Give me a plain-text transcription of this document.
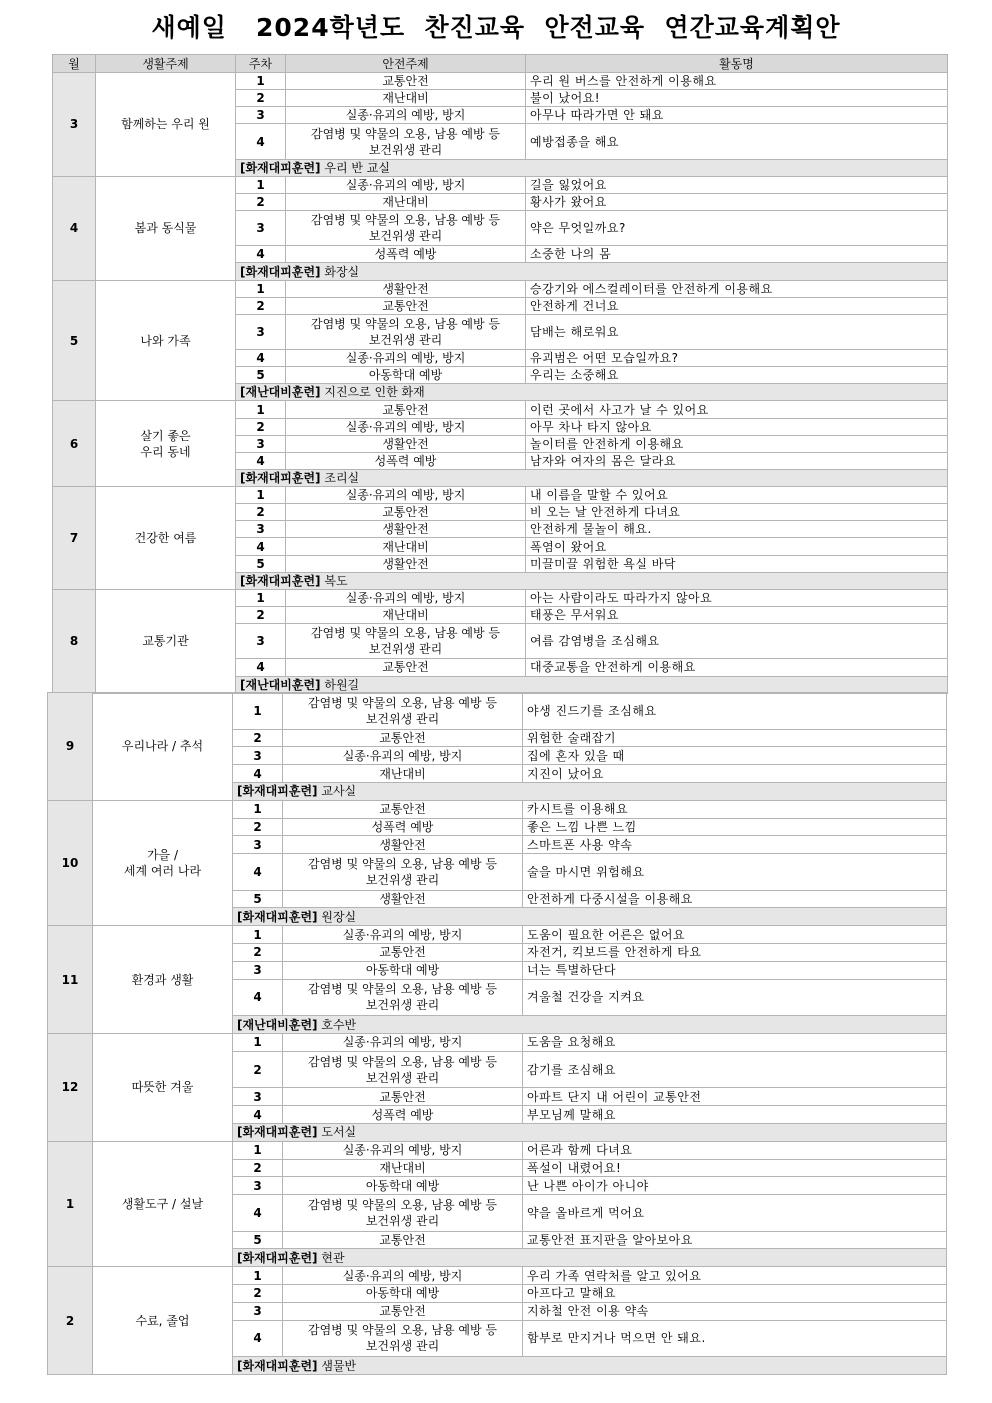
새예일   2024학년도  찬진교육  안전교육  연간교육계획안
월	생활주제	주차	안전주제	활동명
3	함께하는 우리 원	1	교통안전	우리 원 버스를 안전하게 이용해요
		2	재난대비	불이 났어요!
		3	실종·유괴의 예방, 방지	아무나 따라가면 안 돼요
		4	감염병 및 약물의 오용, 남용 예방 등
보건위생 관리	예방접종을 해요
		[화재대피훈련] 우리 반 교실		
4	봄과 동식물	1	실종·유괴의 예방, 방지	길을 잃었어요
		2	재난대비	황사가 왔어요
		3	감염병 및 약물의 오용, 남용 예방 등
보건위생 관리	약은 무엇일까요?
		4	성폭력 예방	소중한 나의 몸
		[화재대피훈련] 화장실		
5	나와 가족	1	생활안전	승강기와 에스컬레이터를 안전하게 이용해요
		2	교통안전	안전하게 건너요
		3	감염병 및 약물의 오용, 남용 예방 등
보건위생 관리	담배는 해로워요
		4	실종·유괴의 예방, 방지	유괴범은 어떤 모습일까요?
		5	아동학대 예방	우리는 소중해요
		[재난대비훈련] 지진으로 인한 화재		
6	살기 좋은
우리 동네	1	교통안전	이런 곳에서 사고가 날 수 있어요
		2	실종·유괴의 예방, 방지	아무 차나 타지 않아요
		3	생활안전	놀이터를 안전하게 이용해요
		4	성폭력 예방	남자와 여자의 몸은 달라요
		[화재대피훈련] 조리실		
7	건강한 여름	1	실종·유괴의 예방, 방지	내 이름을 말할 수 있어요
		2	교통안전	비 오는 날 안전하게 다녀요
		3	생활안전	안전하게 물놀이 해요.
		4	재난대비	폭염이 왔어요
		5	생활안전	미끌미끌 위험한 욕실 바닥
		[화재대피훈련] 복도		
8	교통기관	1	실종·유괴의 예방, 방지	아는 사람이라도 따라가지 않아요
		2	재난대비	태풍은 무서워요
		3	감염병 및 약물의 오용, 남용 예방 등
보건위생 관리	여름 감염병을 조심해요
		4	교통안전	대중교통을 안전하게 이용해요
		[재난대비훈련] 하원길		
9	우리나라 / 추석	1	감염병 및 약물의 오용, 남용 예방 등
보건위생 관리	야생 진드기를 조심해요
		2	교통안전	위험한 술래잡기
		3	실종·유괴의 예방, 방지	집에 혼자 있을 때
		4	재난대비	지진이 났어요
		[화재대피훈련] 교사실		
10	가을 /
세계 여러 나라	1	교통안전	카시트를 이용해요
		2	성폭력 예방	좋은 느낌 나쁜 느낌
		3	생활안전	스마트폰 사용 약속
		4	감염병 및 약물의 오용, 남용 예방 등
보건위생 관리	술을 마시면 위험해요
		5	생활안전	안전하게 다중시설을 이용해요
		[화재대피훈련] 원장실		
11	환경과 생활	1	실종·유괴의 예방, 방지	도움이 필요한 어른은 없어요
		2	교통안전	자전거, 킥보드를 안전하게 타요
		3	아동학대 예방	너는 특별하단다
		4	감염병 및 약물의 오용, 남용 예방 등
보건위생 관리	겨울철 건강을 지켜요
		[재난대비훈련] 호수반		
12	따뜻한 겨울	1	실종·유괴의 예방, 방지	도움을 요청해요
		2	감염병 및 약물의 오용, 남용 예방 등
보건위생 관리	감기를 조심해요
		3	교통안전	아파트 단지 내 어린이 교통안전
		4	성폭력 예방	부모님께 말해요
		[화재대피훈련] 도서실		
1	생활도구 / 설날	1	실종·유괴의 예방, 방지	어른과 함께 다녀요
		2	재난대비	폭설이 내렸어요!
		3	아동학대 예방	난 나쁜 아이가 아니야
		4	감염병 및 약물의 오용, 남용 예방 등
보건위생 관리	약을 올바르게 먹어요
		5	교통안전	교통안전 표지판을 알아보아요
		[화재대피훈련] 현관		
2	수료, 졸업	1	실종·유괴의 예방, 방지	우리 가족 연락처를 알고 있어요
		2	아동학대 예방	아프다고 말해요
		3	교통안전	지하철 안전 이용 약속
		4	감염병 및 약물의 오용, 남용 예방 등
보건위생 관리	함부로 만지거나 먹으면 안 돼요.
		[화재대피훈련] 샘물반		
